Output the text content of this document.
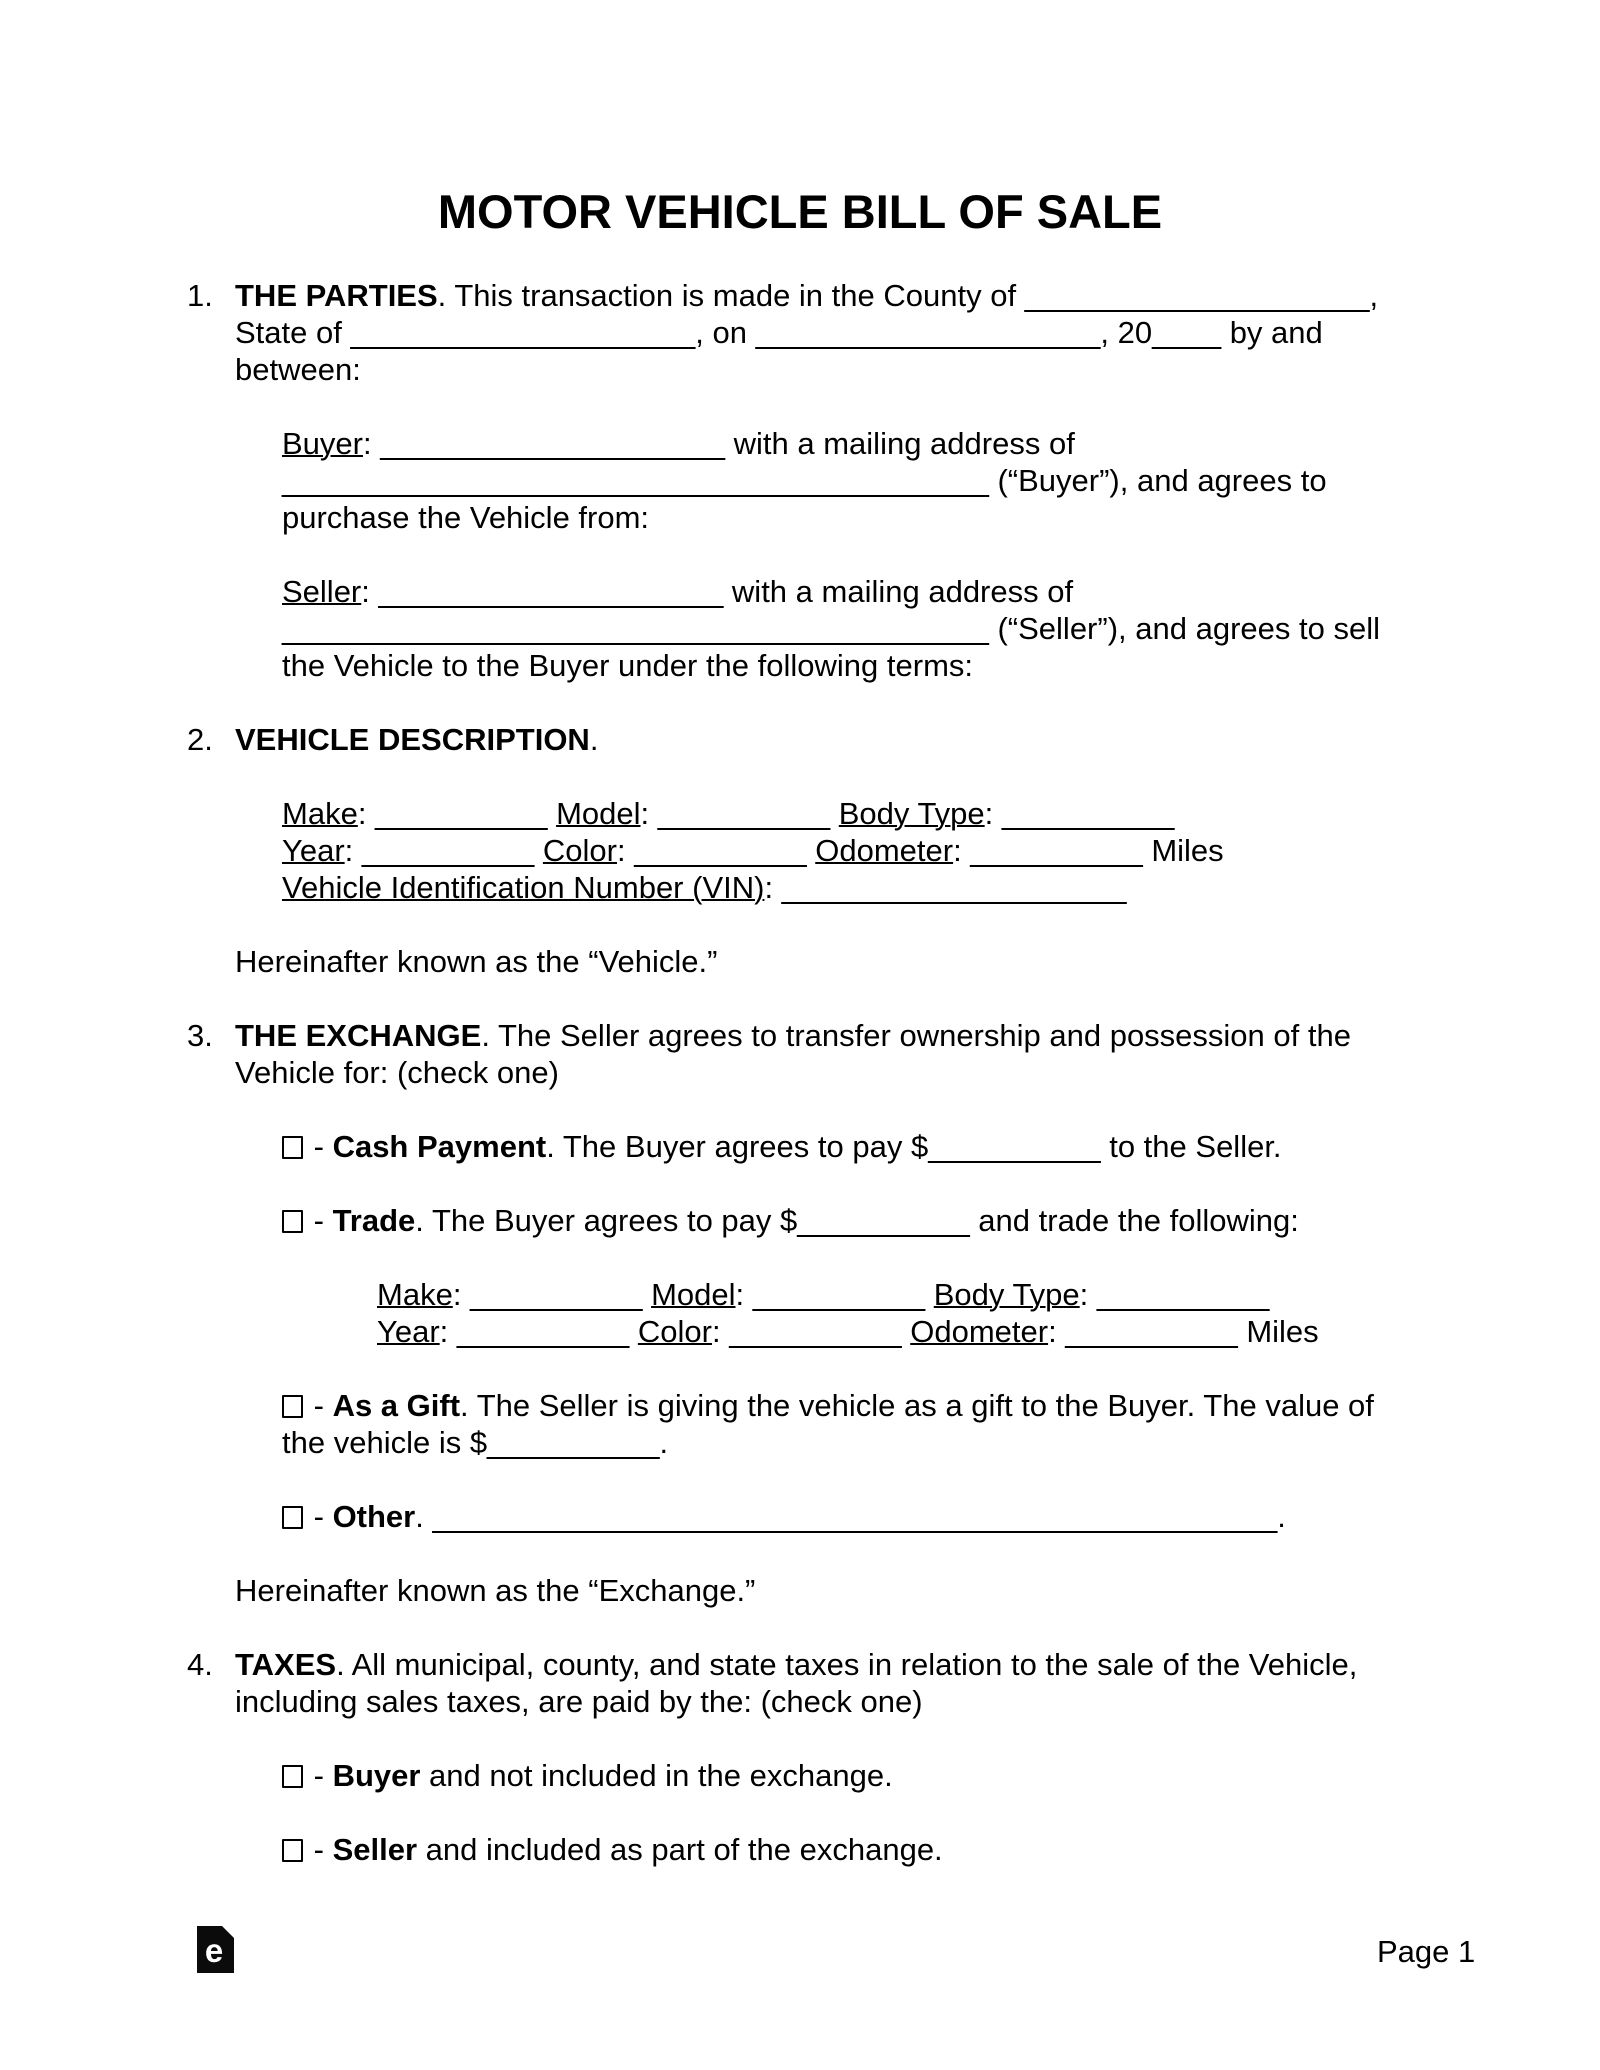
MOTOR VEHICLE BILL OF SALE
1. THE PARTIES. This transaction is made in the County of ____________________,
State of ____________________, on ____________________, 20____ by and
between:
Buyer: ____________________ with a mailing address of
_________________________________________ (“Buyer”), and agrees to
purchase the Vehicle from:
Seller: ____________________ with a mailing address of
_________________________________________ (“Seller”), and agrees to sell
the Vehicle to the Buyer under the following terms:
2. VEHICLE DESCRIPTION.
Make: __________ Model: __________ Body Type: __________
Year: __________ Color: __________ Odometer: __________ Miles
Vehicle Identification Number (VIN): ____________________
Hereinafter known as the “Vehicle.”
3. THE EXCHANGE. The Seller agrees to transfer ownership and possession of the
Vehicle for: (check one)
- Cash Payment. The Buyer agrees to pay $__________ to the Seller.
- Trade. The Buyer agrees to pay $__________ and trade the following:
Make: __________ Model: __________ Body Type: __________
Year: __________ Color: __________ Odometer: __________ Miles
- As a Gift. The Seller is giving the vehicle as a gift to the Buyer. The value of
the vehicle is $__________.
- Other. _________________________________________________.
Hereinafter known as the “Exchange.”
4. TAXES. All municipal, county, and state taxes in relation to the sale of the Vehicle,
including sales taxes, are paid by the: (check one)
- Buyer and not included in the exchange.
- Seller and included as part of the exchange.
e	Page 1
